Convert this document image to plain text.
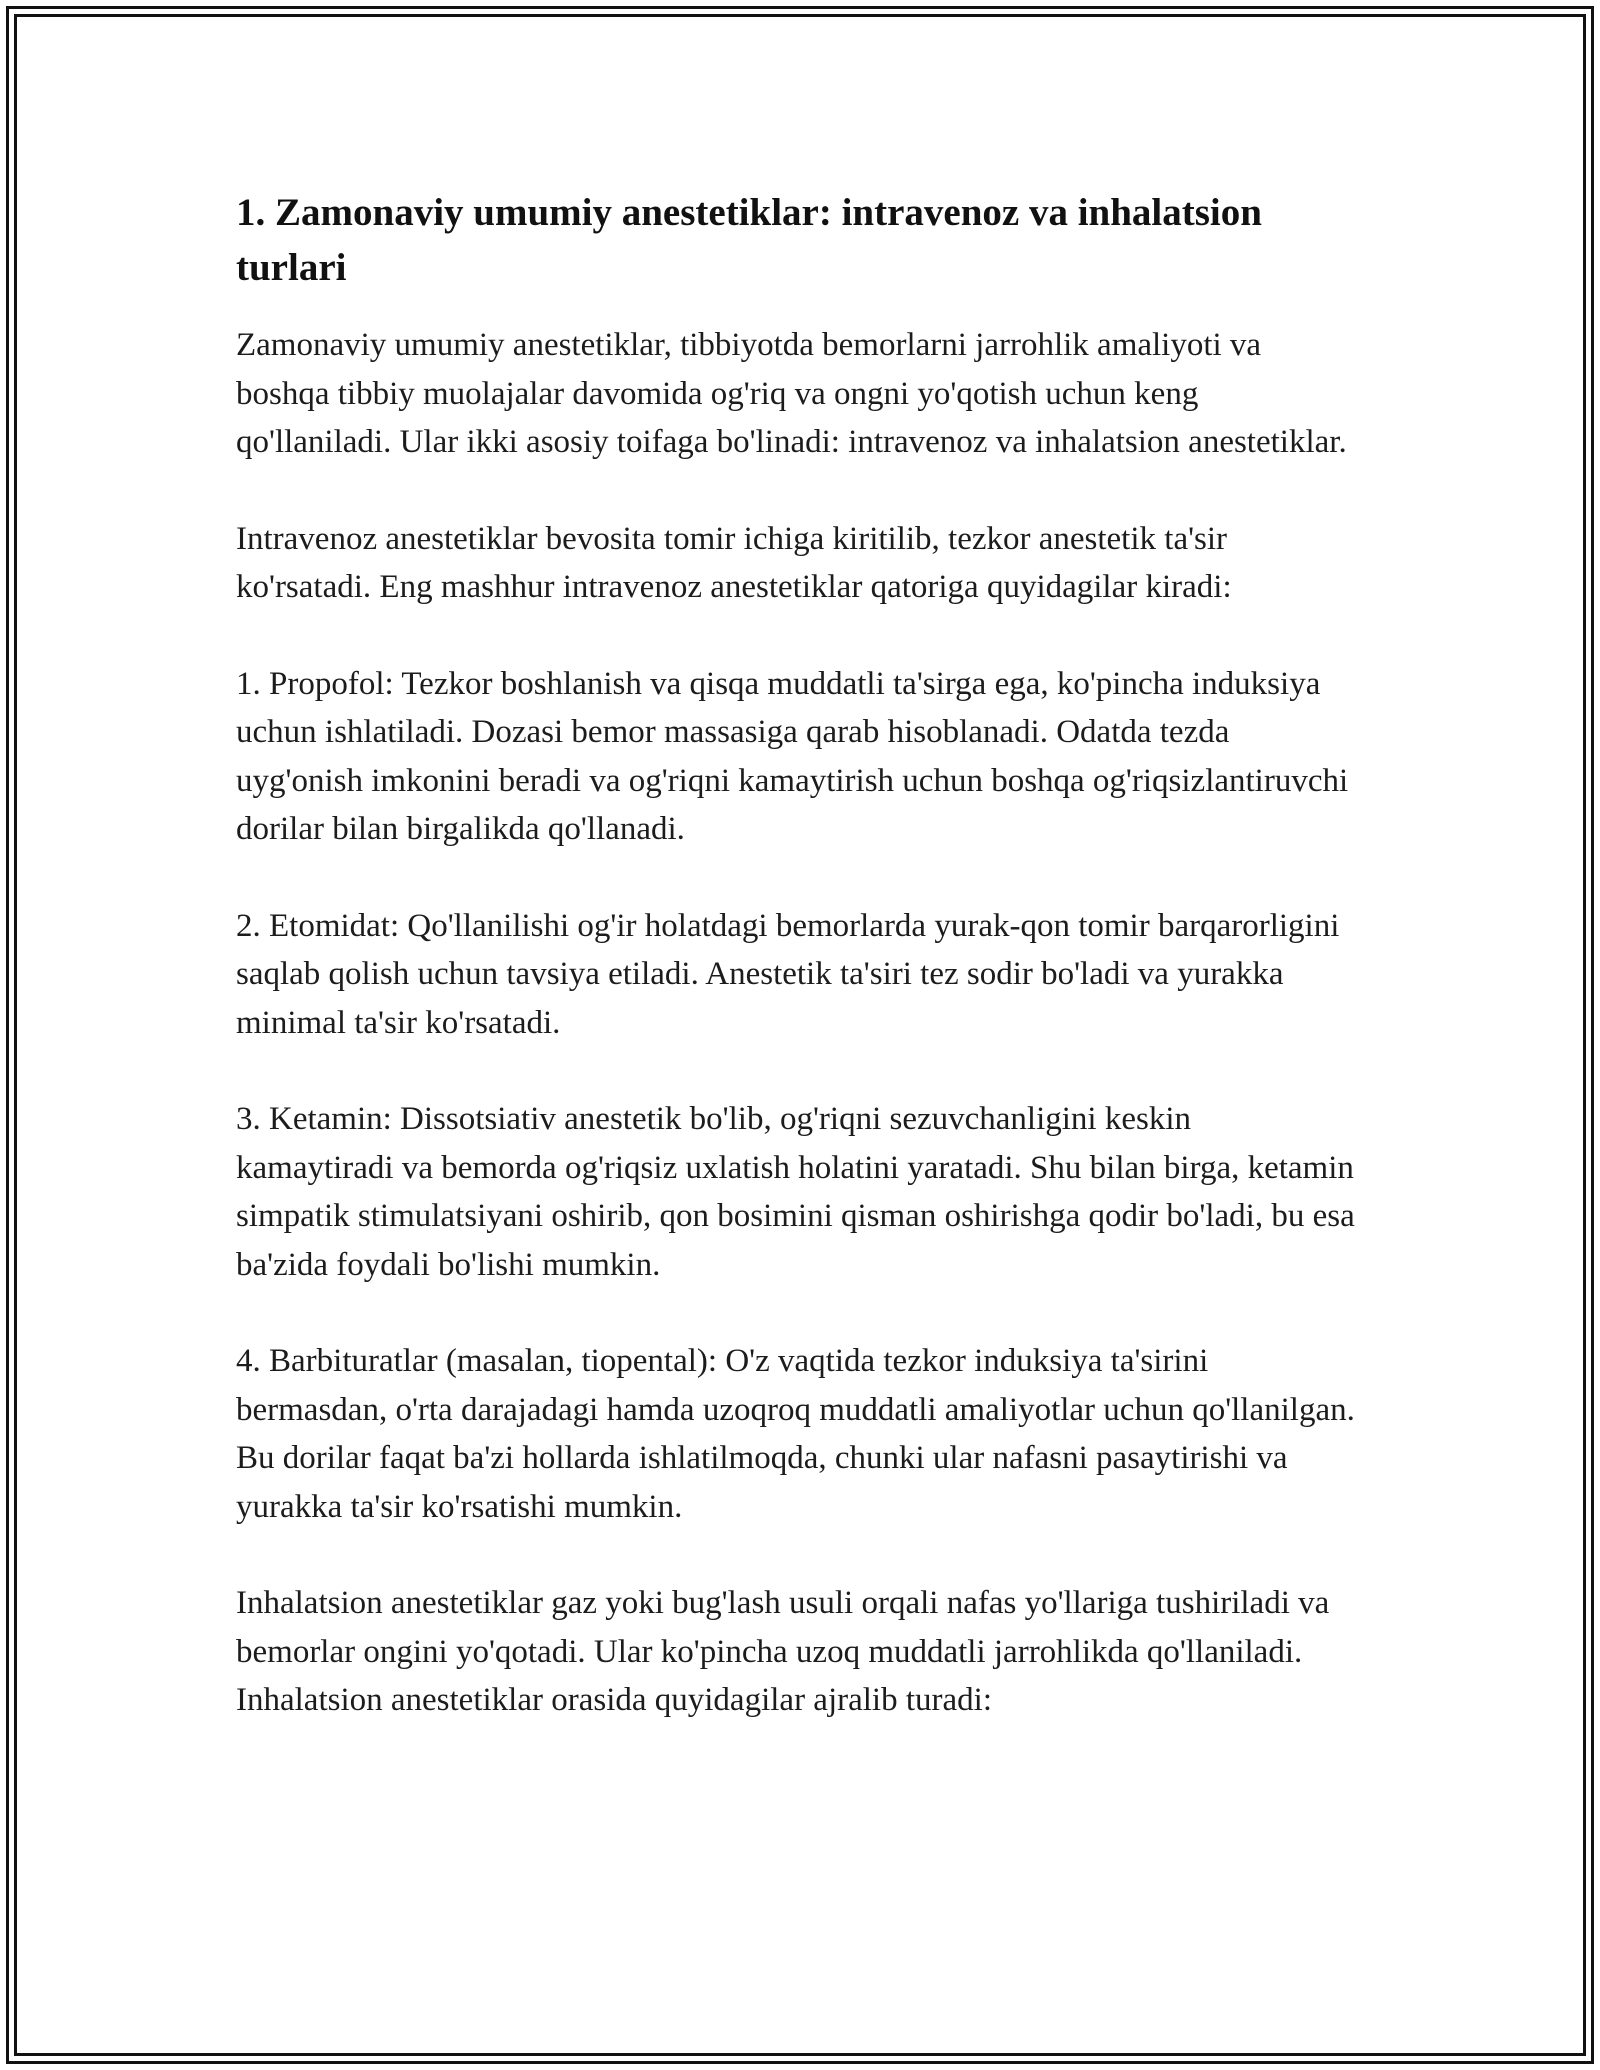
1. Zamonaviy umumiy anestetiklar: intravenoz va inhalatsion turlari

Zamonaviy umumiy anestetiklar, tibbiyotda bemorlarni jarrohlik amaliyoti va boshqa tibbiy muolajalar davomida og'riq va ongni yo'qotish uchun keng qo'llaniladi. Ular ikki asosiy toifaga bo'linadi: intravenoz va inhalatsion anestetiklar.

Intravenoz anestetiklar bevosita tomir ichiga kiritilib, tezkor anestetik ta'sir ko'rsatadi. Eng mashhur intravenoz anestetiklar qatoriga quyidagilar kiradi:

1. Propofol: Tezkor boshlanish va qisqa muddatli ta'sirga ega, ko'pincha induksiya uchun ishlatiladi. Dozasi bemor massasiga qarab hisoblanadi. Odatda tezda uyg'onish imkonini beradi va og'riqni kamaytirish uchun boshqa og'riqsizlantiruvchi dorilar bilan birgalikda qo'llanadi.

2. Etomidat: Qo'llanilishi og'ir holatdagi bemorlarda yurak-qon tomir barqarorligini saqlab qolish uchun tavsiya etiladi. Anestetik ta'siri tez sodir bo'ladi va yurakka minimal ta'sir ko'rsatadi.

3. Ketamin: Dissotsiativ anestetik bo'lib, og'riqni sezuvchanligini keskin kamaytiradi va bemorda og'riqsiz uxlatish holatini yaratadi. Shu bilan birga, ketamin simpatik stimulatsiyani oshirib, qon bosimini qisman oshirishga qodir bo'ladi, bu esa ba'zida foydali bo'lishi mumkin.

4. Barbituratlar (masalan, tiopental): O'z vaqtida tezkor induksiya ta'sirini bermasdan, o'rta darajadagi hamda uzoqroq muddatli amaliyotlar uchun qo'llanilgan. Bu dorilar faqat ba'zi hollarda ishlatilmoqda, chunki ular nafasni pasaytirishi va yurakka ta'sir ko'rsatishi mumkin.

Inhalatsion anestetiklar gaz yoki bug'lash usuli orqali nafas yo'llariga tushiriladi va bemorlar ongini yo'qotadi. Ular ko'pincha uzoq muddatli jarrohlikda qo'llaniladi. Inhalatsion anestetiklar orasida quyidagilar ajralib turadi:
